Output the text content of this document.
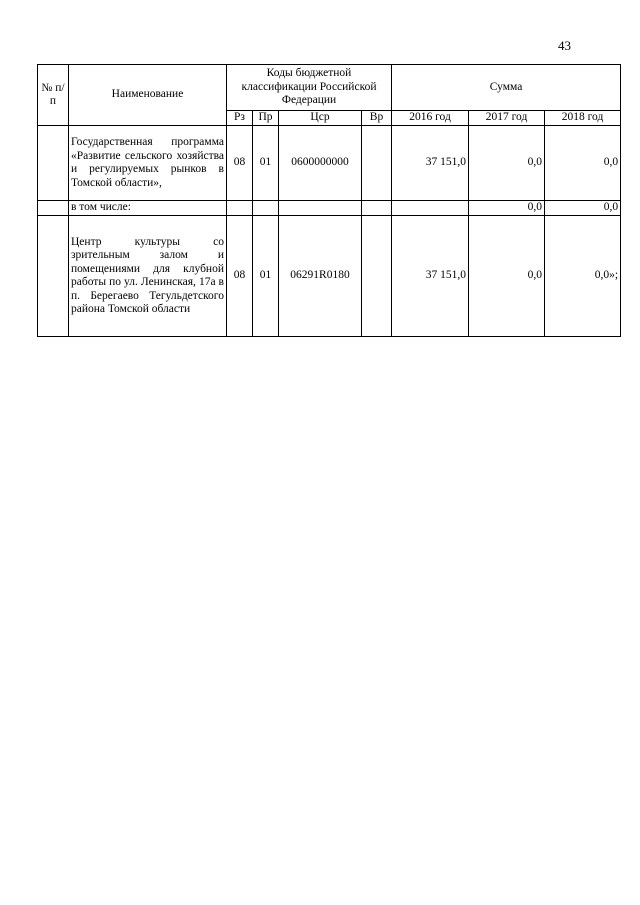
43
№ п/п	Наименование	Коды бюджетной классификации Российской Федерации				Сумма		
		Рз	Пр	Цср	Вр	2016 год	2017 год	2018 год
	Государственная программа «Развитие сельского хозяйства и регулируемых рынков в Томской области»,	08	01	0600000000		37 151,0	0,0	0,0
	в том числе:						0,0	0,0
	Центр культуры со зрительным залом и помещениями для клубной работы по ул. Ленинская, 17а в п. Берегаево Тегульдетского района Томской области	08	01	06291R0180		37 151,0	0,0	0,0»;
